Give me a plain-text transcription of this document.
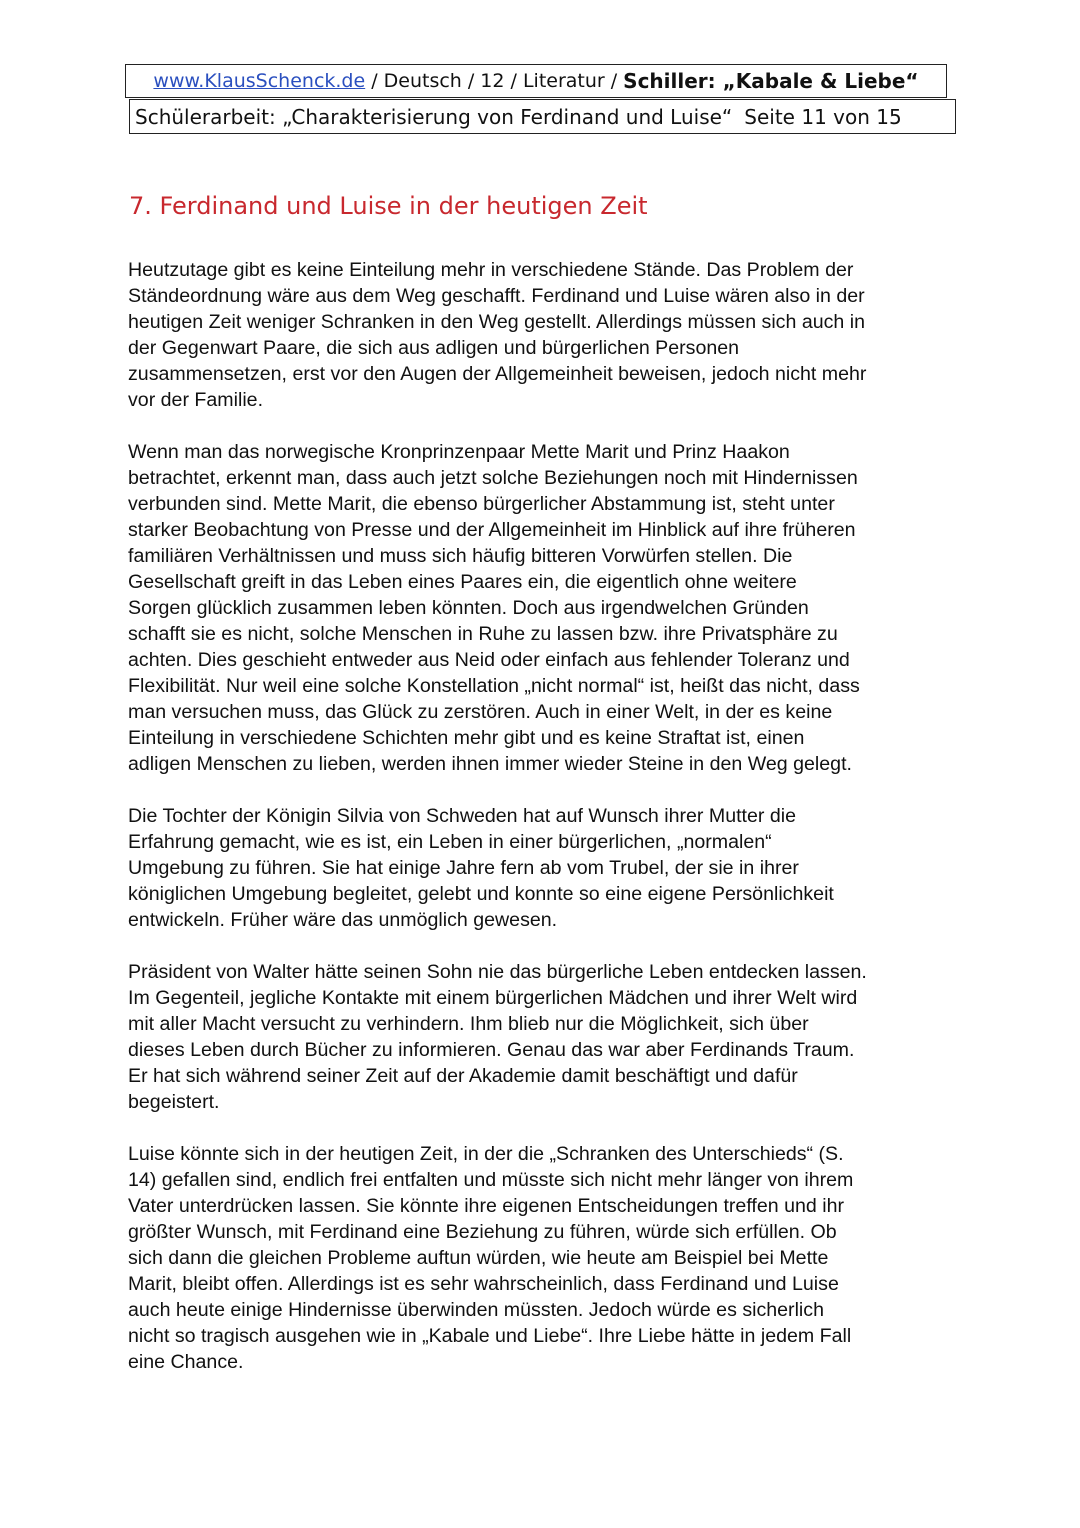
www.KlausSchenck.de / Deutsch / 12 / Literatur / Schiller: „Kabale & Liebe“
Schülerarbeit: „Charakterisierung von Ferdinand und Luise“ Seite 11 von 15
7. Ferdinand und Luise in der heutigen Zeit

Heutzutage gibt es keine Einteilung mehr in verschiedene Stände. Das Problem der
Ständeordnung wäre aus dem Weg geschafft. Ferdinand und Luise wären also in der
heutigen Zeit weniger Schranken in den Weg gestellt. Allerdings müssen sich auch in
der Gegenwart Paare, die sich aus adligen und bürgerlichen Personen
zusammensetzen, erst vor den Augen der Allgemeinheit beweisen, jedoch nicht mehr
vor der Familie.

Wenn man das norwegische Kronprinzenpaar Mette Marit und Prinz Haakon
betrachtet, erkennt man, dass auch jetzt solche Beziehungen noch mit Hindernissen
verbunden sind. Mette Marit, die ebenso bürgerlicher Abstammung ist, steht unter
starker Beobachtung von Presse und der Allgemeinheit im Hinblick auf ihre früheren
familiären Verhältnissen und muss sich häufig bitteren Vorwürfen stellen. Die
Gesellschaft greift in das Leben eines Paares ein, die eigentlich ohne weitere
Sorgen glücklich zusammen leben könnten. Doch aus irgendwelchen Gründen
schafft sie es nicht, solche Menschen in Ruhe zu lassen bzw. ihre Privatsphäre zu
achten. Dies geschieht entweder aus Neid oder einfach aus fehlender Toleranz und
Flexibilität. Nur weil eine solche Konstellation „nicht normal“ ist, heißt das nicht, dass
man versuchen muss, das Glück zu zerstören. Auch in einer Welt, in der es keine
Einteilung in verschiedene Schichten mehr gibt und es keine Straftat ist, einen
adligen Menschen zu lieben, werden ihnen immer wieder Steine in den Weg gelegt.

Die Tochter der Königin Silvia von Schweden hat auf Wunsch ihrer Mutter die
Erfahrung gemacht, wie es ist, ein Leben in einer bürgerlichen, „normalen“
Umgebung zu führen. Sie hat einige Jahre fern ab vom Trubel, der sie in ihrer
königlichen Umgebung begleitet, gelebt und konnte so eine eigene Persönlichkeit
entwickeln. Früher wäre das unmöglich gewesen.

Präsident von Walter hätte seinen Sohn nie das bürgerliche Leben entdecken lassen.
Im Gegenteil, jegliche Kontakte mit einem bürgerlichen Mädchen und ihrer Welt wird
mit aller Macht versucht zu verhindern. Ihm blieb nur die Möglichkeit, sich über
dieses Leben durch Bücher zu informieren. Genau das war aber Ferdinands Traum.
Er hat sich während seiner Zeit auf der Akademie damit beschäftigt und dafür
begeistert.

Luise könnte sich in der heutigen Zeit, in der die „Schranken des Unterschieds“ (S.
14) gefallen sind, endlich frei entfalten und müsste sich nicht mehr länger von ihrem
Vater unterdrücken lassen. Sie könnte ihre eigenen Entscheidungen treffen und ihr
größter Wunsch, mit Ferdinand eine Beziehung zu führen, würde sich erfüllen. Ob
sich dann die gleichen Probleme auftun würden, wie heute am Beispiel bei Mette
Marit, bleibt offen. Allerdings ist es sehr wahrscheinlich, dass Ferdinand und Luise
auch heute einige Hindernisse überwinden müssten. Jedoch würde es sicherlich
nicht so tragisch ausgehen wie in „Kabale und Liebe“. Ihre Liebe hätte in jedem Fall
eine Chance.
